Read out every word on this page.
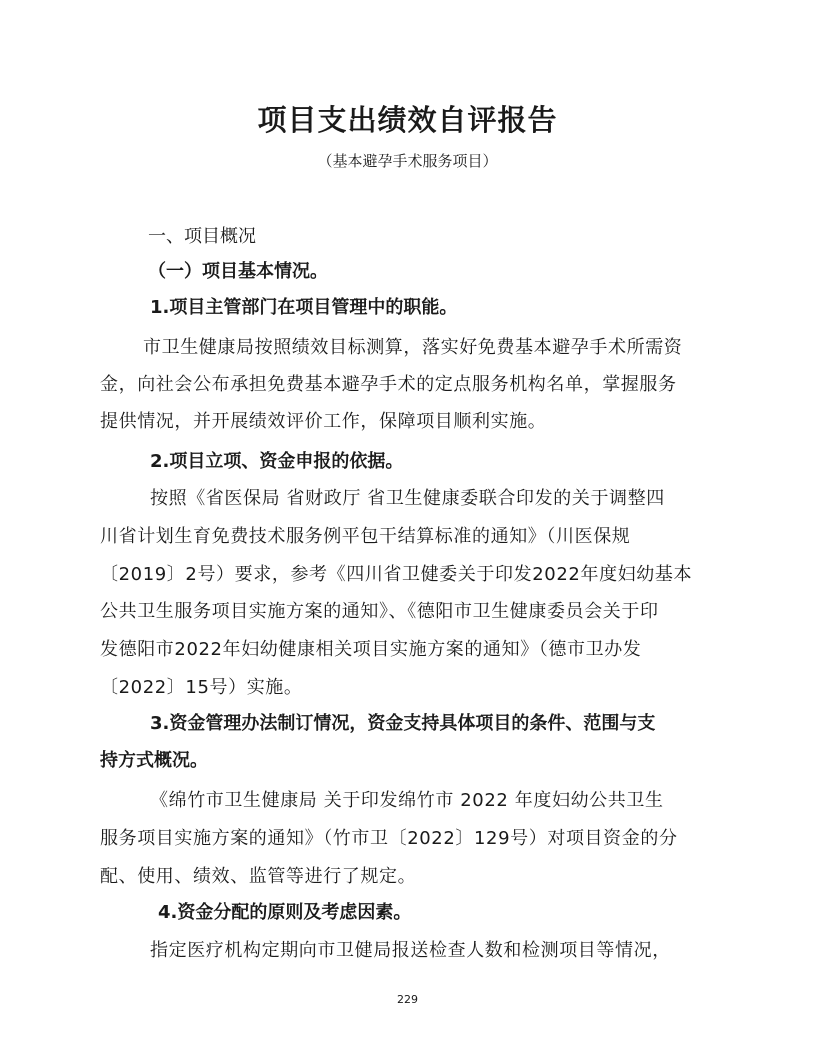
项目支出绩效自评报告
（基本避孕手术服务项目）
一、项目概况
（一）项目基本情况。
1.项目主管部门在项目管理中的职能。
市卫生健康局按照绩效目标测算，落实好免费基本避孕手术所需资
金，向社会公布承担免费基本避孕手术的定点服务机构名单，掌握服务
提供情况，并开展绩效评价工作，保障项目顺利实施。
2.项目立项、资金申报的依据。
按照《省医保局 省财政厅 省卫生健康委联合印发的关于调整四
川省计划生育免费技术服务例平包干结算标准的通知》（川医保规
〔2019〕2号）要求，参考《四川省卫健委关于印发2022年度妇幼基本
公共卫生服务项目实施方案的通知》、《德阳市卫生健康委员会关于印
发德阳市2022年妇幼健康相关项目实施方案的通知》（德市卫办发
〔2022〕15号）实施。
3.资金管理办法制订情况，资金支持具体项目的条件、范围与支
持方式概况。
《绵竹市卫生健康局 关于印发绵竹市 2022 年度妇幼公共卫生
服务项目实施方案的通知》（竹市卫〔2022〕129号）对项目资金的分
配、使用、绩效、监管等进行了规定。
4.资金分配的原则及考虑因素。
指定医疗机构定期向市卫健局报送检查人数和检测项目等情况，
229
